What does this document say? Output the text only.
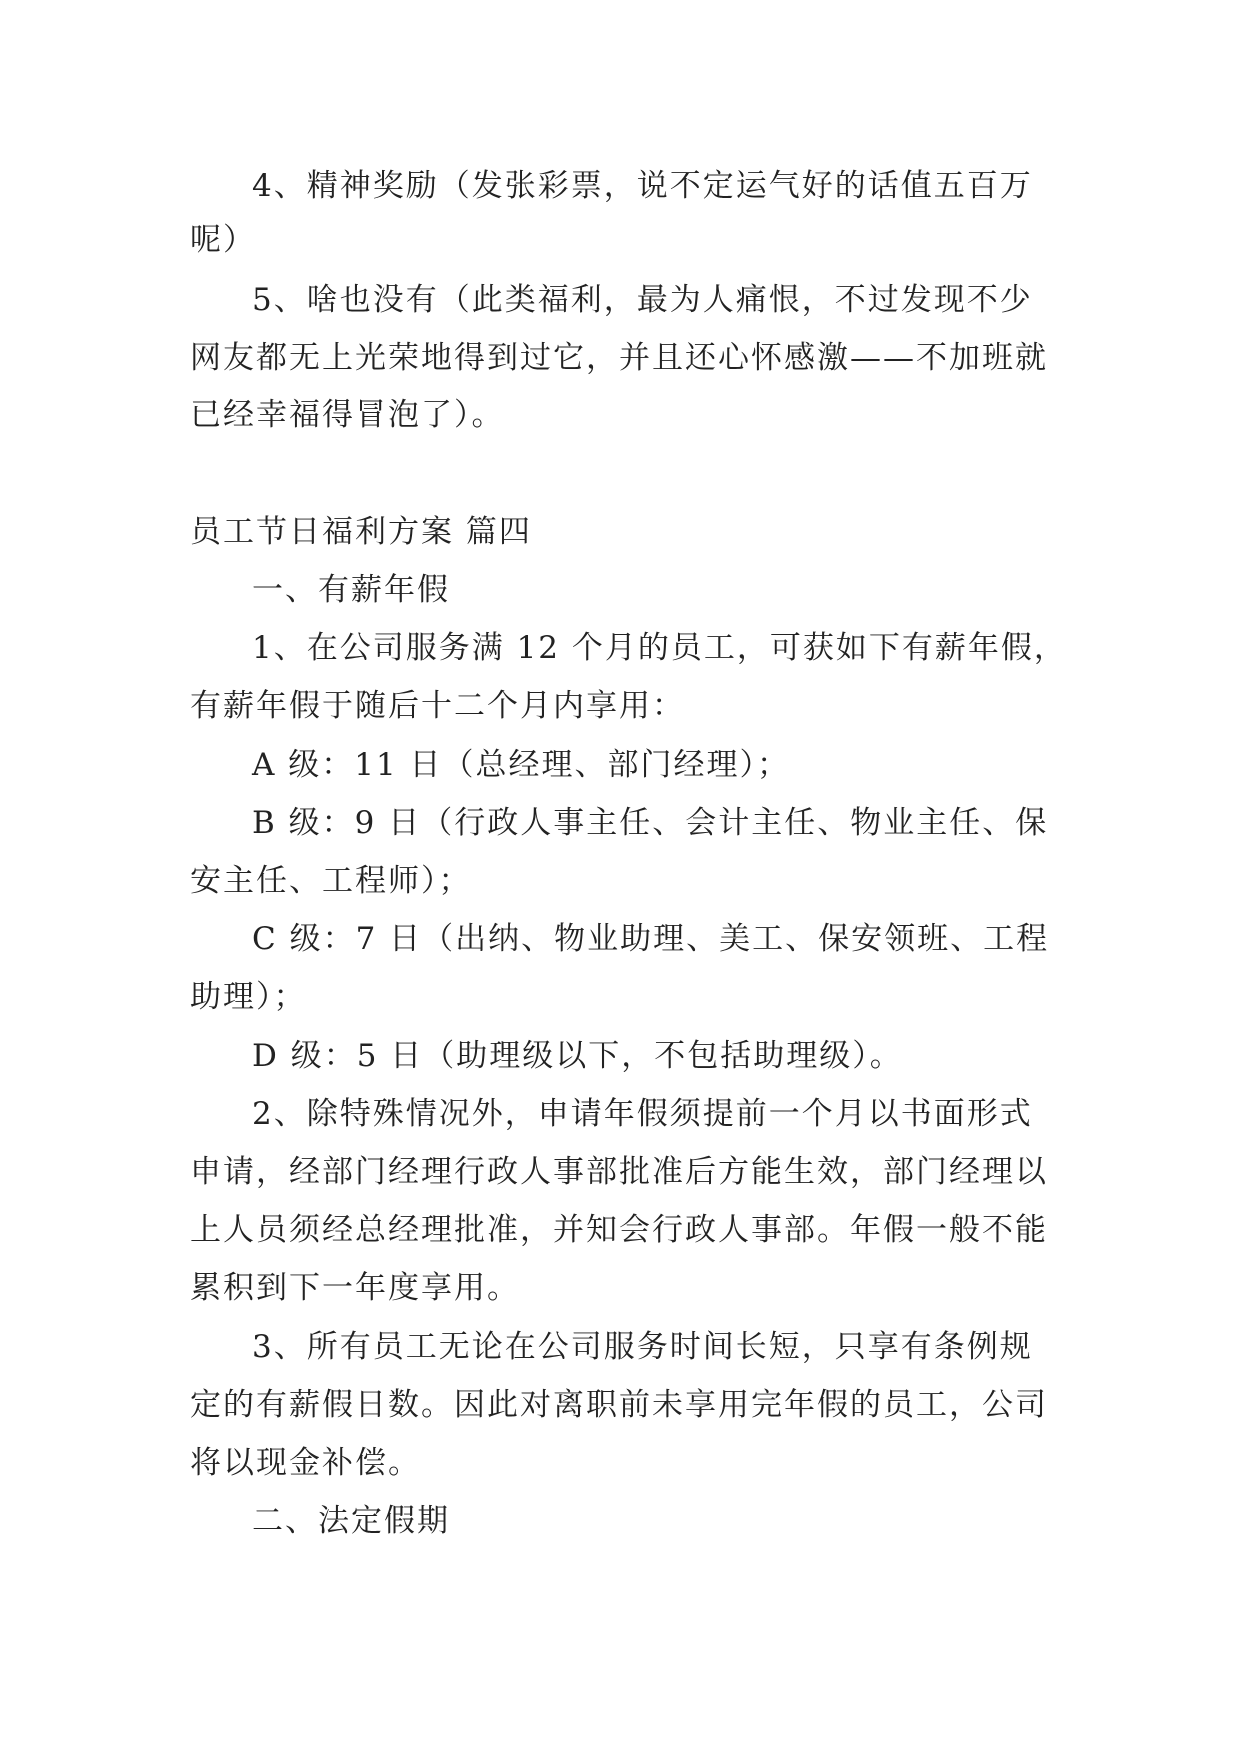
4、精神奖励（发张彩票，说不定运气好的话值五百万

呢）

5、啥也没有（此类福利，最为人痛恨，不过发现不少

网友都无上光荣地得到过它，并且还心怀感激——不加班就

已经幸福得冒泡了）。

员工节日福利方案 篇四

一、有薪年假

1、在公司服务满 12 个月的员工，可获如下有薪年假，

有薪年假于随后十二个月内享用：

A 级：11 日（总经理、部门经理）；

B 级：9 日（行政人事主任、会计主任、物业主任、保

安主任、工程师）；

C 级：7 日（出纳、物业助理、美工、保安领班、工程

助理）；

D 级：5 日（助理级以下，不包括助理级）。

2、除特殊情况外，申请年假须提前一个月以书面形式

申请，经部门经理行政人事部批准后方能生效，部门经理以

上人员须经总经理批准，并知会行政人事部。年假一般不能

累积到下一年度享用。

3、所有员工无论在公司服务时间长短，只享有条例规

定的有薪假日数。因此对离职前未享用完年假的员工，公司

将以现金补偿。

二、法定假期
